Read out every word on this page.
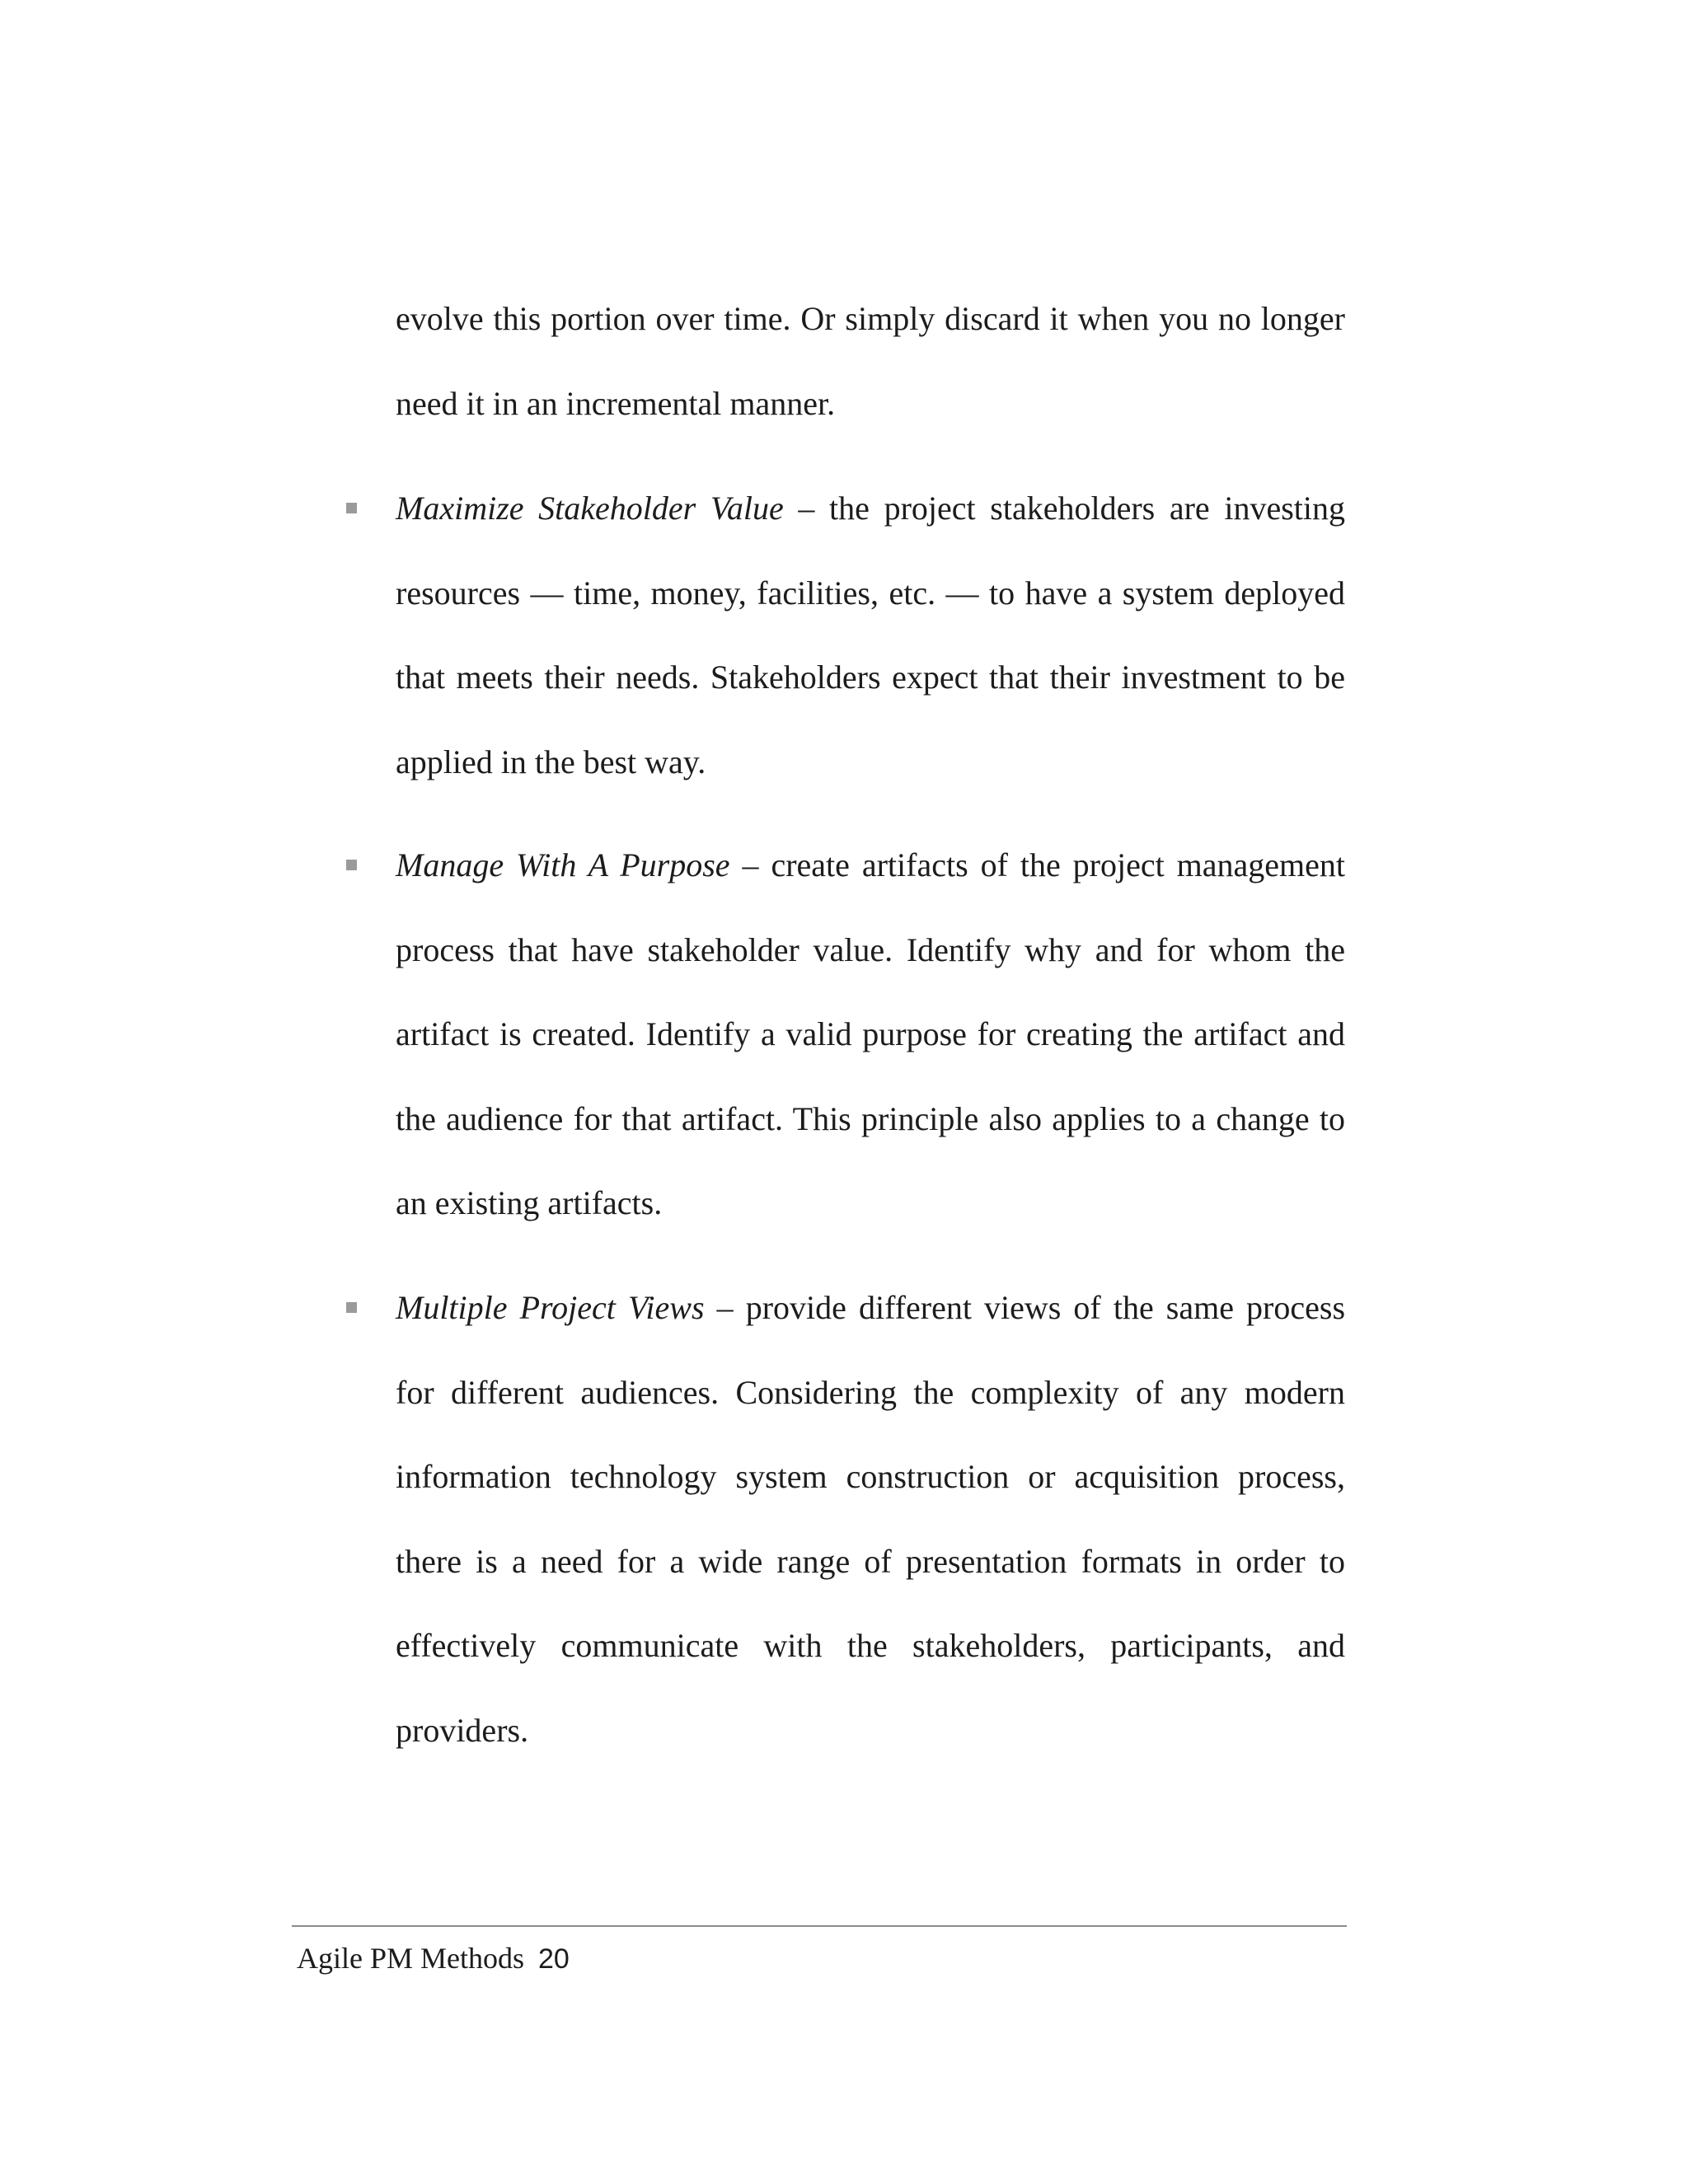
evolve this portion over time. Or simply discard it when you no longer need it in an incremental manner.

Maximize Stakeholder Value – the project stakeholders are investing resources — time, money, facilities, etc. — to have a system deployed that meets their needs. Stakeholders expect that their investment to be applied in the best way.

Manage With A Purpose – create artifacts of the project management process that have stakeholder value. Identify why and for whom the artifact is created. Identify a valid purpose for creating the artifact and the audience for that artifact. This principle also applies to a change to an existing artifacts.

Multiple Project Views – provide different views of the same process for different audiences. Considering the complexity of any modern information technology system construction or acquisition process, there is a need for a wide range of presentation formats in order to effectively communicate with the stakeholders, participants, and providers.

Agile PM Methods 20
